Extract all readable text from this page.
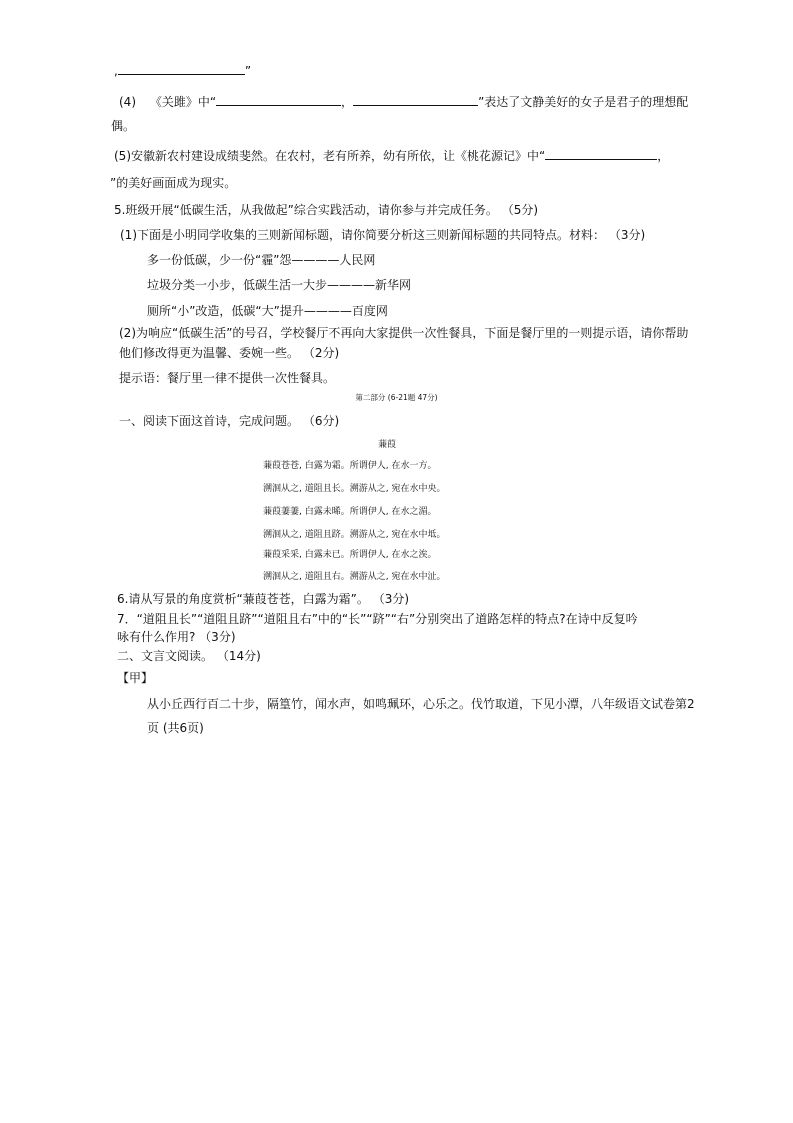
,	”
(4) 《关雎》中“	，	”表达了文静美好的女子是君子的理想配
偶。
(5)安徽新农村建设成绩斐然。在农村，老有所养，幼有所依，让《桃花源记》中“	，
”的美好画面成为现实。
5.班级开展“低碳生活，从我做起”综合实践活动，请你参与并完成任务。 （5分)
(1)下面是小明同学收集的三则新闻标题，请你简要分析这三则新闻标题的共同特点。材料： （3分)
多一份低碳，少一份“霾”怨————人民网
垃圾分类一小步，低碳生活一大步————新华网
厕所“小”改造，低碳“大”提升————百度网
(2)为响应“低碳生活”的号召，学校餐厅不再向大家提供一次性餐具，下面是餐厅里的一则提示语，请你帮助
他们修改得更为温馨、委婉一些。 （2分)
提示语：餐厅里一律不提供一次性餐具。
第二部分 (6-21题 47分)
一、阅读下面这首诗，完成问题。 （6分)
蒹葭
蒹葭苍苍, 白露为霜。所谓伊人, 在水一方。
溯洄从之, 道阻且长。溯游从之, 宛在水中央。
蒹葭萋萋, 白露未晞。所谓伊人, 在水之湄。
溯洄从之, 道阻且跻。溯游从之, 宛在水中坻。
蒹葭采采, 白露未已。所谓伊人, 在水之涘。
溯洄从之, 道阻且右。溯游从之, 宛在水中沚。
6.请从写景的角度赏析“蒹葭苍苍，白露为霜”。 （3分)
7．“道阻且长”“道阻且跻”“道阻且右”中的“长”“跻”“右”分别突出了道路怎样的特点?在诗中反复吟
咏有什么作用? （3分)
二、文言文阅读。 （14分)
【甲】
从小丘西行百二十步，隔篁竹，闻水声，如鸣珮环，心乐之。伐竹取道，下见小潭，八年级语文试卷第2
页 (共6页)
